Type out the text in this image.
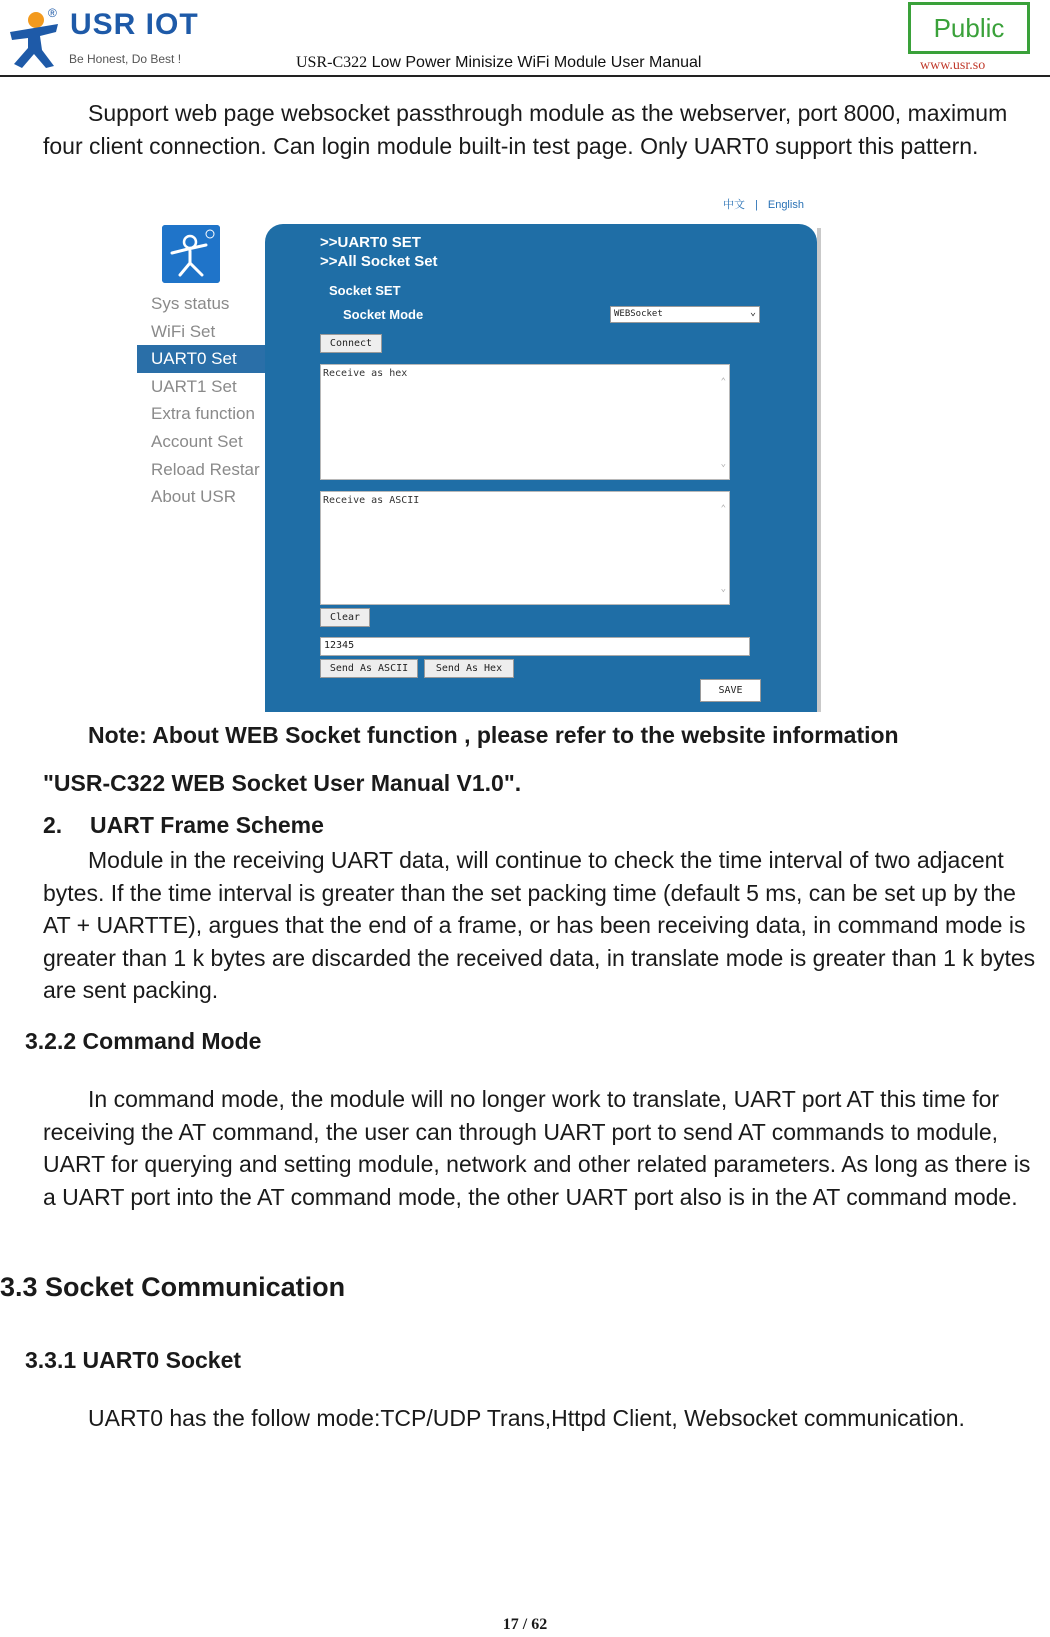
® USR IOT
Be Honest, Do Best !	USR-C322 Low Power Minisize WiFi Module User Manual
Public
www.usr.so
Support web page websocket passthrough module as the webserver, port 8000, maximum four client connection. Can login module built-in test page. Only UART0 support this pattern.
中文 | English
Sys status
WiFi Set
UART0 Set
UART1 Set
Extra function
Account Set
Reload Restar
About USR
>>UART0 SET
>>All Socket Set
Socket SET
Socket Mode	WEBSocket	⌄
Connect
Receive as hex
⌃
⌄
Receive as ASCII
⌃
⌄
Clear
12345
Send As ASCII	Send As Hex
SAVE
Note: About WEB Socket function , please refer to the website information
"USR-C322 WEB Socket User Manual V1.0".
2. UART Frame Scheme
Module in the receiving UART data, will continue to check the time interval of two adjacent bytes. If the time interval is greater than the set packing time (default 5 ms, can be set up by the AT + UARTTE), argues that the end of a frame, or has been receiving data, in command mode is greater than 1 k bytes are discarded the received data, in translate mode is greater than 1 k bytes are sent packing.
3.2.2 Command Mode
In command mode, the module will no longer work to translate, UART port AT this time for receiving the AT command, the user can through UART port to send AT commands to module, UART for querying and setting module, network and other related parameters. As long as there is a UART port into the AT command mode, the other UART port also is in the AT command mode.
3.3 Socket Communication
3.3.1 UART0 Socket
UART0 has the follow mode:TCP/UDP Trans,Httpd Client, Websocket communication.
17 / 62
